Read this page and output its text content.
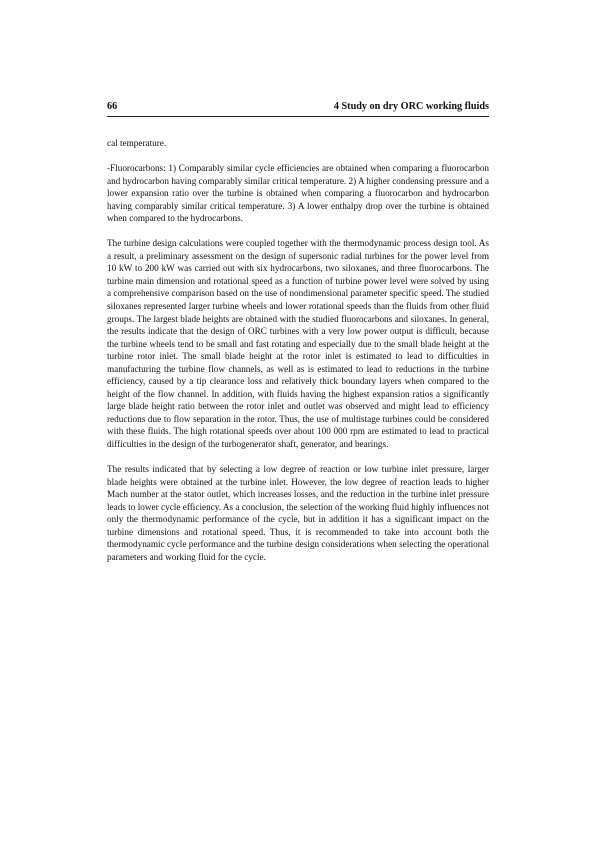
66	4 Study on dry ORC working fluids

cal temperature.

-Fluorocarbons: 1) Comparably similar cycle efficiencies are obtained when comparing a fluorocarbon and hydrocarbon having comparably similar critical temperature. 2) A higher condensing pressure and a lower expansion ratio over the turbine is obtained when comparing a fluorocarbon and hydrocarbon having comparably similar critical temperature. 3) A lower enthalpy drop over the turbine is obtained when compared to the hydrocarbons.

The turbine design calculations were coupled together with the thermodynamic process design tool. As a result, a preliminary assessment on the design of supersonic radial turbines for the power level from 10 kW to 200 kW was carried out with six hydrocarbons, two siloxanes, and three fluorocarbons. The turbine main dimension and rotational speed as a function of turbine power level were solved by using a comprehensive comparison based on the use of nondimensional parameter specific speed. The studied siloxanes represented larger turbine wheels and lower rotational speeds than the fluids from other fluid groups. The largest blade heights are obtained with the studied fluorocarbons and siloxanes. In general, the results indicate that the design of ORC turbines with a very low power output is difficult, because the turbine wheels tend to be small and fast rotating and especially due to the small blade height at the turbine rotor inlet. The small blade height at the rotor inlet is estimated to lead to difficulties in manufacturing the turbine flow channels, as well as is estimated to lead to reductions in the turbine efficiency, caused by a tip clearance loss and relatively thick boundary layers when compared to the height of the flow channel. In addition, with fluids having the highest expansion ratios a significantly large blade height ratio between the rotor inlet and outlet was observed and might lead to efficiency reductions due to flow separation in the rotor. Thus, the use of multistage turbines could be considered with these fluids. The high rotational speeds over about 100 000 rpm are estimated to lead to practical difficulties in the design of the turbogenerator shaft, generator, and bearings.

The results indicated that by selecting a low degree of reaction or low turbine inlet pressure, larger blade heights were obtained at the turbine inlet. However, the low degree of reaction leads to higher Mach number at the stator outlet, which increases losses, and the reduction in the turbine inlet pressure leads to lower cycle efficiency. As a conclusion, the selection of the working fluid highly influences not only the thermodynamic performance of the cycle, but in addition it has a significant impact on the turbine dimensions and rotational speed. Thus, it is recommended to take into account both the thermodynamic cycle performance and the turbine design considerations when selecting the operational parameters and working fluid for the cycle.
